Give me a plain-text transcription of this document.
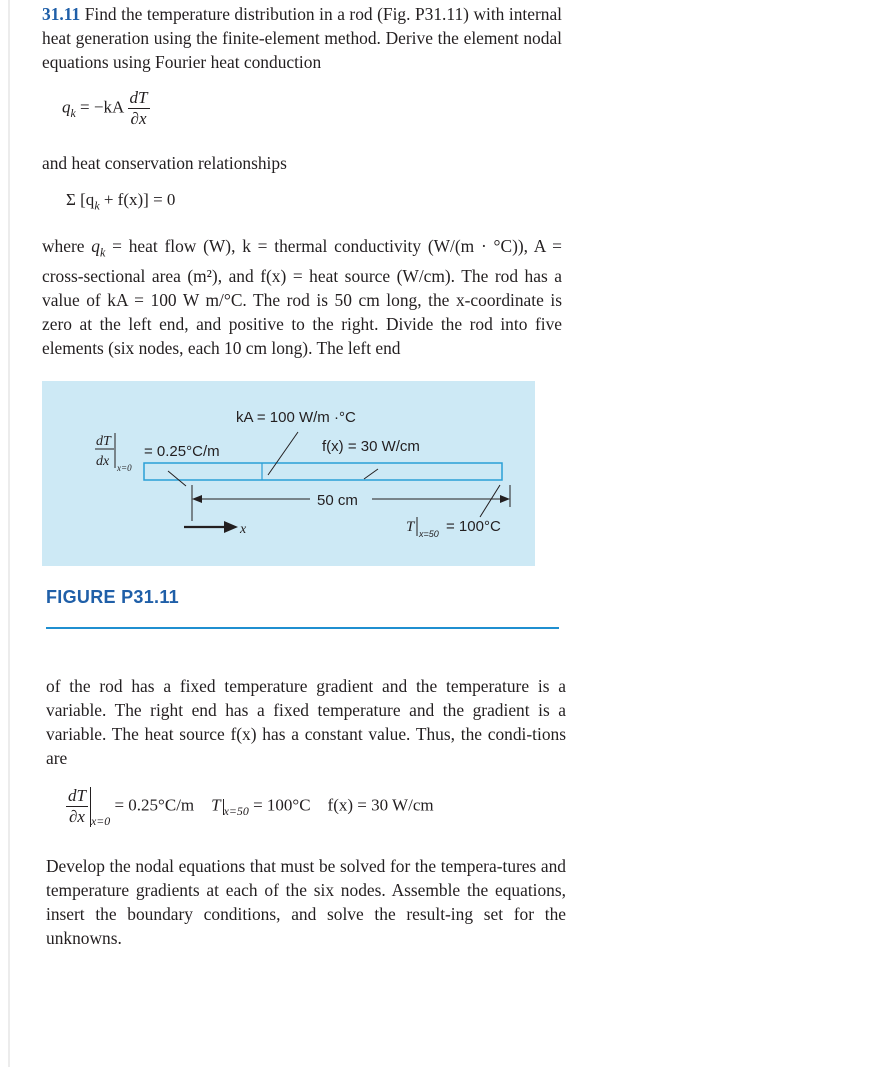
31.11 Find the temperature distribution in a rod (Fig. P31.11) with internal heat generation using the finite-element method. Derive the element nodal equations using Fourier heat conduction
$q_k = -kA \frac{dT}{\partial x}$
and heat conservation relationships
Σ $[q_k + f(x)] = 0$
where $q_k$ = heat flow (W), k = thermal conductivity (W/(m · °C)), A = cross-sectional area (m²), and f(x) = heat source (W/cm). The rod has a value of kA = 100 W m/°C. The rod is 50 cm long, the x-coordinate is zero at the left end, and positive to the right. Divide the rod into five elements (six nodes, each 10 cm long). The left end
kA = 100 W/m ·°C
f(x) = 30 W/cm
dT
dx x=0
= 0.25°C/m
50 cm
x	T x=50 = 100°C
FIGURE P31.11
of the rod has a fixed temperature gradient and the temperature is a variable. The right end has a fixed temperature and the gradient is a variable. The heat source f(x) has a constant value. Thus, the condi-tions are
$\frac{dT}{\partial x} _{x=0} = 0.25^\circ C/m$ T $_{x=50}$ = 100°C f(x) = 30 W/cm
Develop the nodal equations that must be solved for the tempera-tures and temperature gradients at each of the six nodes. Assemble the equations, insert the boundary conditions, and solve the result-ing set for the unknowns.
